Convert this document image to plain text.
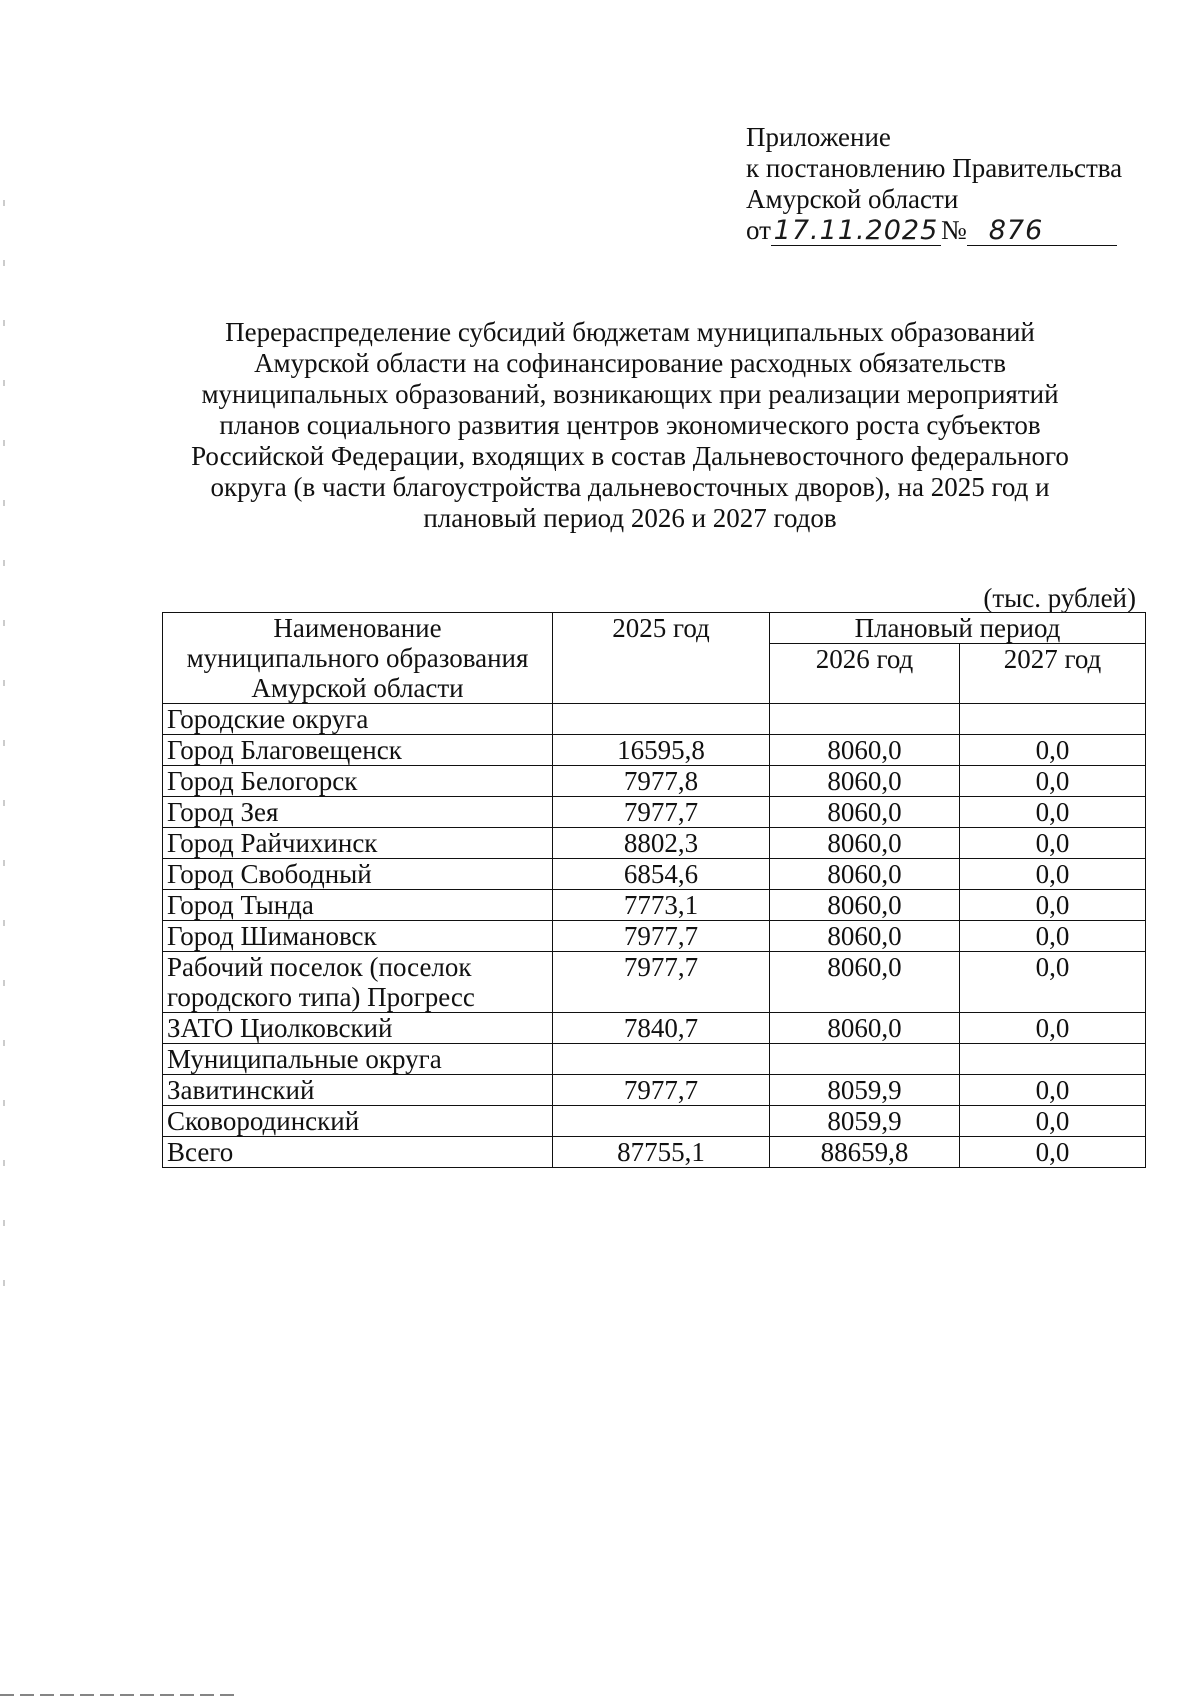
Приложение
к постановлению Правительства
Амурской области
от 17.11.2025 № 876
Перераспределение субсидий бюджетам муниципальных образований
Амурской области на софинансирование расходных обязательств
муниципальных образований, возникающих при реализации мероприятий
планов социального развития центров экономического роста субъектов
Российской Федерации, входящих в состав Дальневосточного федерального
округа (в части благоустройства дальневосточных дворов), на 2025 год и
плановый период 2026 и 2027 годов
(тыс. рублей)
Наименование
муниципального образования
Амурской области	2025 год	Плановый период	
		2026 год	2027 год
Городские округа			
Город Благовещенск	16595,8	8060,0	0,0
Город Белогорск	7977,8	8060,0	0,0
Город Зея	7977,7	8060,0	0,0
Город Райчихинск	8802,3	8060,0	0,0
Город Свободный	6854,6	8060,0	0,0
Город Тында	7773,1	8060,0	0,0
Город Шимановск	7977,7	8060,0	0,0

Рабочий поселок (поселок
городского типа) Прогресс	7977,7	8060,0	0,0
ЗАТО Циолковский	7840,7	8060,0	0,0
Муниципальные округа			
Завитинский	7977,7	8059,9	0,0
Сковородинский		8059,9	0,0
Всего	87755,1	88659,8	0,0
